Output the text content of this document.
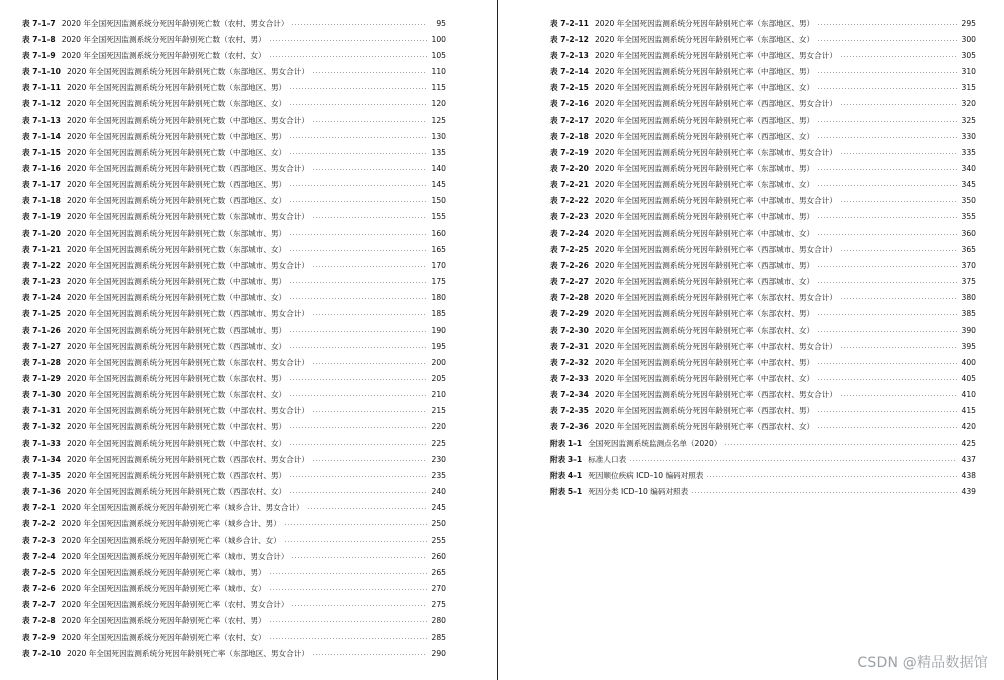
表 7–1–7 2020 年全国死因监测系统分死因年龄别死亡数（农村、男女合计）	95
表 7–1–8 2020 年全国死因监测系统分死因年龄别死亡数（农村、男）	100
表 7–1–9 2020 年全国死因监测系统分死因年龄别死亡数（农村、女）	105
表 7–1–10 2020 年全国死因监测系统分死因年龄别死亡数（东部地区、男女合计）	110
表 7–1–11 2020 年全国死因监测系统分死因年龄别死亡数（东部地区、男）	115
表 7–1–12 2020 年全国死因监测系统分死因年龄别死亡数（东部地区、女）	120
表 7–1–13 2020 年全国死因监测系统分死因年龄别死亡数（中部地区、男女合计）	125
表 7–1–14 2020 年全国死因监测系统分死因年龄别死亡数（中部地区、男）	130
表 7–1–15 2020 年全国死因监测系统分死因年龄别死亡数（中部地区、女）	135
表 7–1–16 2020 年全国死因监测系统分死因年龄别死亡数（西部地区、男女合计）	140
表 7–1–17 2020 年全国死因监测系统分死因年龄别死亡数（西部地区、男）	145
表 7–1–18 2020 年全国死因监测系统分死因年龄别死亡数（西部地区、女）	150
表 7–1–19 2020 年全国死因监测系统分死因年龄别死亡数（东部城市、男女合计）	155
表 7–1–20 2020 年全国死因监测系统分死因年龄别死亡数（东部城市、男）	160
表 7–1–21 2020 年全国死因监测系统分死因年龄别死亡数（东部城市、女）	165
表 7–1–22 2020 年全国死因监测系统分死因年龄别死亡数（中部城市、男女合计）	170
表 7–1–23 2020 年全国死因监测系统分死因年龄别死亡数（中部城市、男）	175
表 7–1–24 2020 年全国死因监测系统分死因年龄别死亡数（中部城市、女）	180
表 7–1–25 2020 年全国死因监测系统分死因年龄别死亡数（西部城市、男女合计）	185
表 7–1–26 2020 年全国死因监测系统分死因年龄别死亡数（西部城市、男）	190
表 7–1–27 2020 年全国死因监测系统分死因年龄别死亡数（西部城市、女）	195
表 7–1–28 2020 年全国死因监测系统分死因年龄别死亡数（东部农村、男女合计）	200
表 7–1–29 2020 年全国死因监测系统分死因年龄别死亡数（东部农村、男）	205
表 7–1–30 2020 年全国死因监测系统分死因年龄别死亡数（东部农村、女）	210
表 7–1–31 2020 年全国死因监测系统分死因年龄别死亡数（中部农村、男女合计）	215
表 7–1–32 2020 年全国死因监测系统分死因年龄别死亡数（中部农村、男）	220
表 7–1–33 2020 年全国死因监测系统分死因年龄别死亡数（中部农村、女）	225
表 7–1–34 2020 年全国死因监测系统分死因年龄别死亡数（西部农村、男女合计）	230
表 7–1–35 2020 年全国死因监测系统分死因年龄别死亡数（西部农村、男）	235
表 7–1–36 2020 年全国死因监测系统分死因年龄别死亡数（西部农村、女）	240
表 7–2–1 2020 年全国死因监测系统分死因年龄别死亡率（城乡合计、男女合计）	245
表 7–2–2 2020 年全国死因监测系统分死因年龄别死亡率（城乡合计、男）	250
表 7–2–3 2020 年全国死因监测系统分死因年龄别死亡率（城乡合计、女）	255
表 7–2–4 2020 年全国死因监测系统分死因年龄别死亡率（城市、男女合计）	260
表 7–2–5 2020 年全国死因监测系统分死因年龄别死亡率（城市、男）	265
表 7–2–6 2020 年全国死因监测系统分死因年龄别死亡率（城市、女）	270
表 7–2–7 2020 年全国死因监测系统分死因年龄别死亡率（农村、男女合计）	275
表 7–2–8 2020 年全国死因监测系统分死因年龄别死亡率（农村、男）	280
表 7–2–9 2020 年全国死因监测系统分死因年龄别死亡率（农村、女）	285
表 7–2–10 2020 年全国死因监测系统分死因年龄别死亡率（东部地区、男女合计）	290
表 7–2–11 2020 年全国死因监测系统分死因年龄别死亡率（东部地区、男）	295
表 7–2–12 2020 年全国死因监测系统分死因年龄别死亡率（东部地区、女）	300
表 7–2–13 2020 年全国死因监测系统分死因年龄别死亡率（中部地区、男女合计）	305
表 7–2–14 2020 年全国死因监测系统分死因年龄别死亡率（中部地区、男）	310
表 7–2–15 2020 年全国死因监测系统分死因年龄别死亡率（中部地区、女）	315
表 7–2–16 2020 年全国死因监测系统分死因年龄别死亡率（西部地区、男女合计）	320
表 7–2–17 2020 年全国死因监测系统分死因年龄别死亡率（西部地区、男）	325
表 7–2–18 2020 年全国死因监测系统分死因年龄别死亡率（西部地区、女）	330
表 7–2–19 2020 年全国死因监测系统分死因年龄别死亡率（东部城市、男女合计）	335
表 7–2–20 2020 年全国死因监测系统分死因年龄别死亡率（东部城市、男）	340
表 7–2–21 2020 年全国死因监测系统分死因年龄别死亡率（东部城市、女）	345
表 7–2–22 2020 年全国死因监测系统分死因年龄别死亡率（中部城市、男女合计）	350
表 7–2–23 2020 年全国死因监测系统分死因年龄别死亡率（中部城市、男）	355
表 7–2–24 2020 年全国死因监测系统分死因年龄别死亡率（中部城市、女）	360
表 7–2–25 2020 年全国死因监测系统分死因年龄别死亡率（西部城市、男女合计）	365
表 7–2–26 2020 年全国死因监测系统分死因年龄别死亡率（西部城市、男）	370
表 7–2–27 2020 年全国死因监测系统分死因年龄别死亡率（西部城市、女）	375
表 7–2–28 2020 年全国死因监测系统分死因年龄别死亡率（东部农村、男女合计）	380
表 7–2–29 2020 年全国死因监测系统分死因年龄别死亡率（东部农村、男）	385
表 7–2–30 2020 年全国死因监测系统分死因年龄别死亡率（东部农村、女）	390
表 7–2–31 2020 年全国死因监测系统分死因年龄别死亡率（中部农村、男女合计）	395
表 7–2–32 2020 年全国死因监测系统分死因年龄别死亡率（中部农村、男）	400
表 7–2–33 2020 年全国死因监测系统分死因年龄别死亡率（中部农村、女）	405
表 7–2–34 2020 年全国死因监测系统分死因年龄别死亡率（西部农村、男女合计）	410
表 7–2–35 2020 年全国死因监测系统分死因年龄别死亡率（西部农村、男）	415
表 7–2–36 2020 年全国死因监测系统分死因年龄别死亡率（西部农村、女）	420
附表 1–1 全国死因监测系统监测点名单（2020）	425
附表 3–1 标准人口表	437
附表 4–1 死因顺位疾病 ICD–10 编码对照表	438
附表 5–1 死因分类 ICD–10 编码对照表	439
CSDN @精品数据馆
